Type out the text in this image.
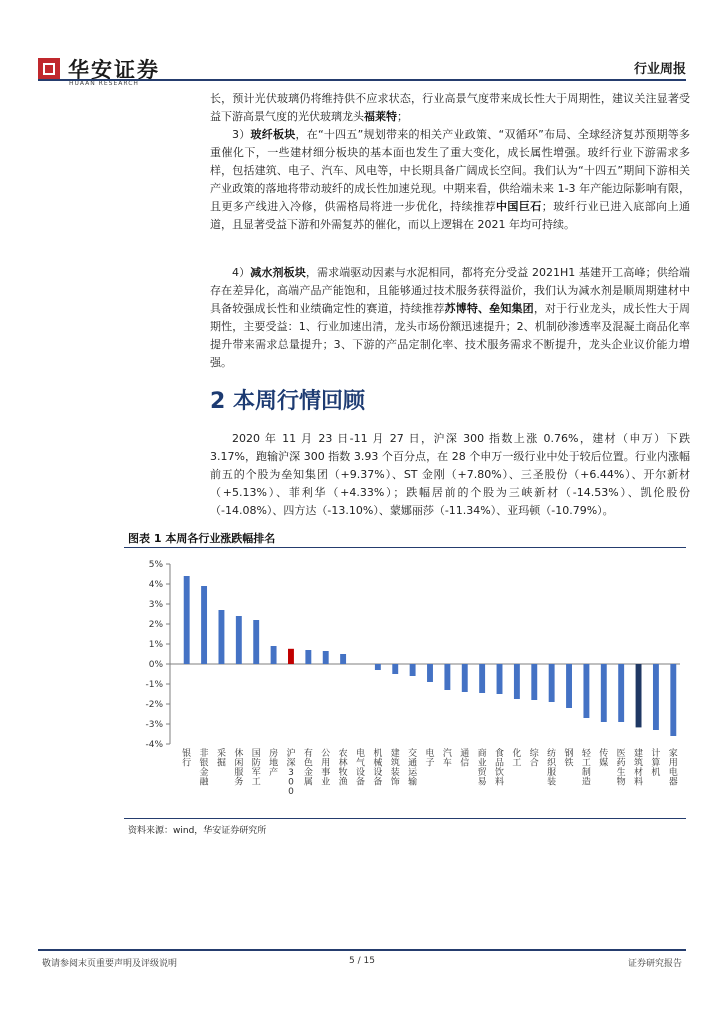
华安证券
HUAAN RESEARCH
行业周报

长，预计光伏玻璃仍将维持供不应求状态，行业高景气度带来成长性大于周期性，建议关注显著受益下游高景气度的光伏玻璃龙头福莱特；

3）玻纤板块，在“十四五”规划带来的相关产业政策、“双循环”布局、全球经济复苏预期等多重催化下，一些建材细分板块的基本面也发生了重大变化，成长属性增强。玻纤行业下游需求多样，包括建筑、电子、汽车、风电等，中长期具备广阔成长空间。我们认为“十四五”期间下游相关产业政策的落地将带动玻纤的成长性加速兑现。中期来看，供给端未来 1-3 年产能边际影响有限，且更多产线进入冷修，供需格局将进一步优化，持续推荐中国巨石；玻纤行业已进入底部向上通道，且显著受益下游和外需复苏的催化，而以上逻辑在 2021 年均可持续。

4）减水剂板块，需求端驱动因素与水泥相同，都将充分受益 2021H1 基建开工高峰；供给端存在差异化，高端产品产能饱和，且能够通过技术服务获得溢价，我们认为减水剂是顺周期建材中具备较强成长性和业绩确定性的赛道，持续推荐苏博特、垒知集团，对于行业龙头，成长性大于周期性，主要受益：1、行业加速出清，龙头市场份额迅速提升；2、机制砂渗透率及混凝土商品化率提升带来需求总量提升；3、下游的产品定制化率、技术服务需求不断提升，龙头企业议价能力增强。

2 本周行情回顾

2020 年 11 月 23 日-11 月 27 日，沪深 300 指数上涨 0.76%，建材（申万）下跌 3.17%，跑输沪深 300 指数 3.93 个百分点，在 28 个申万一级行业中处于较后位置。行业内涨幅前五的个股为垒知集团（+9.37%）、ST 金刚（+7.80%）、三圣股份（+6.44%）、开尔新材（+5.13%）、菲利华（+4.33%）；跌幅居前的个股为三峡新材（-14.53%）、凯伦股份（-14.08%）、四方达（-13.10%）、蒙娜丽莎（-11.34%）、亚玛顿（-10.79%）。

图表 1 本周各行业涨跌幅排名
5%
4%
3%
2%
1%
0%
-1%
-2%
-3%
-4%
银行
非银金融
采掘
休闲服务
国防军工
房地产
沪深 3 0 0
有色金属
公用事业
农林牧渔
电气设备
机械设备
建筑装饰
交通运输
电子
汽车
通信
商业贸易
食品饮料
化工
综合
纺织服装
钢铁
轻工制造
传媒
医药生物
建筑材料
计算机
家用电器
资料来源：wind，华安证券研究所
敬请参阅末页重要声明及评级说明	5 / 15	证券研究报告
